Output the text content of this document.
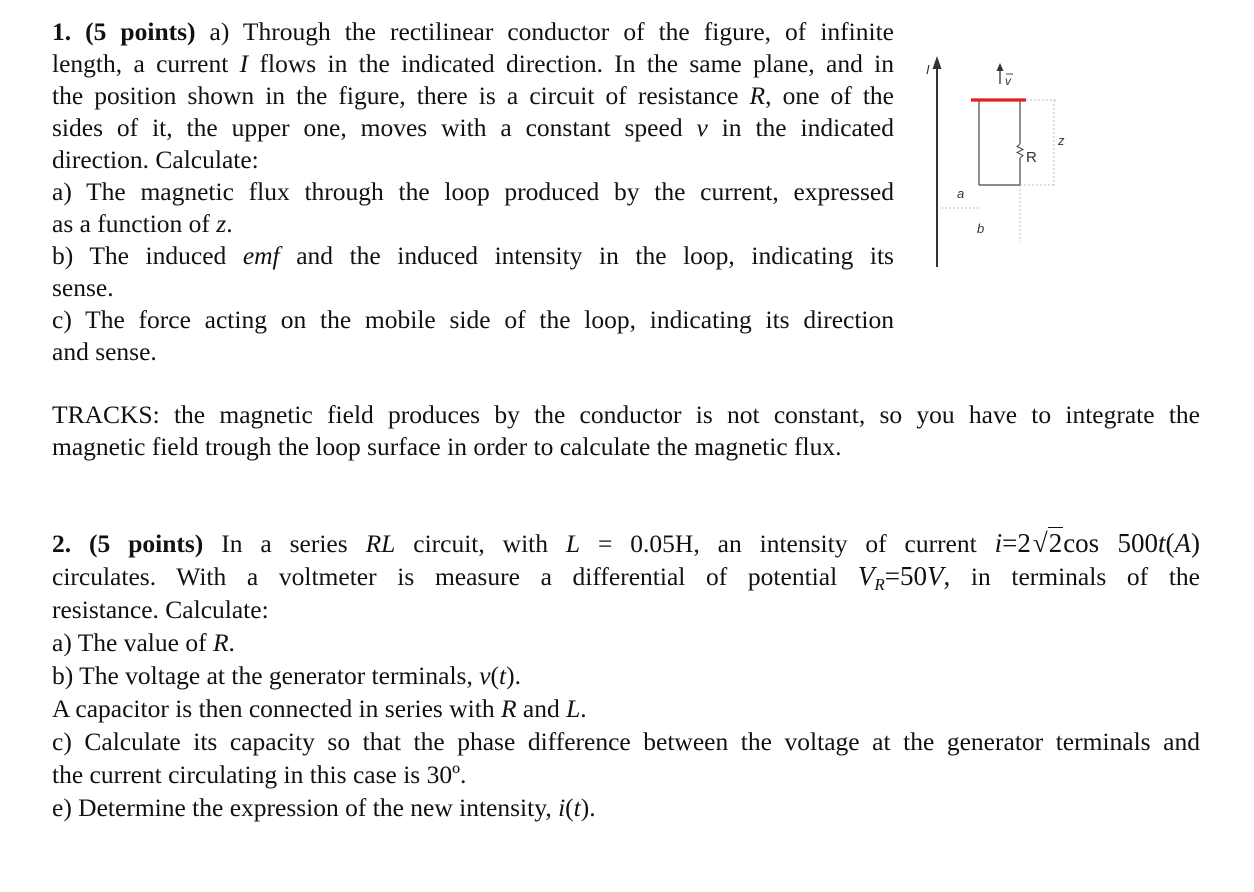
1. (5 points) a) Through the rectilinear conductor of the figure, of infinite
length, a current I flows in the indicated direction. In the same plane, and in
the position shown in the figure, there is a circuit of resistance R, one of the
sides of it, the upper one, moves with a constant speed v in the indicated
direction. Calculate:
a) The magnetic flux through the loop produced by the current, expressed
as a function of z.
b) The induced emf and the induced intensity in the loop, indicating its
sense.
c) The force acting on the mobile side of the loop, indicating its direction
and sense.
I
R
v
z
a
b
TRACKS: the magnetic field produces by the conductor is not constant, so you have to integrate the
magnetic field trough the loop surface in order to calculate the magnetic flux.
2. (5 points) In a series RL circuit, with L = 0.05H, an intensity of current i=2√2cos 500t(A)
circulates. With a voltmeter is measure a differential of potential $V_R=50V$, in terminals of the
resistance. Calculate:
a) The value of R.
b) The voltage at the generator terminals, v(t).
A capacitor is then connected in series with R and L.
c) Calculate its capacity so that the phase difference between the voltage at the generator terminals and
the current circulating in this case is 30º.
e) Determine the expression of the new intensity, i(t).
